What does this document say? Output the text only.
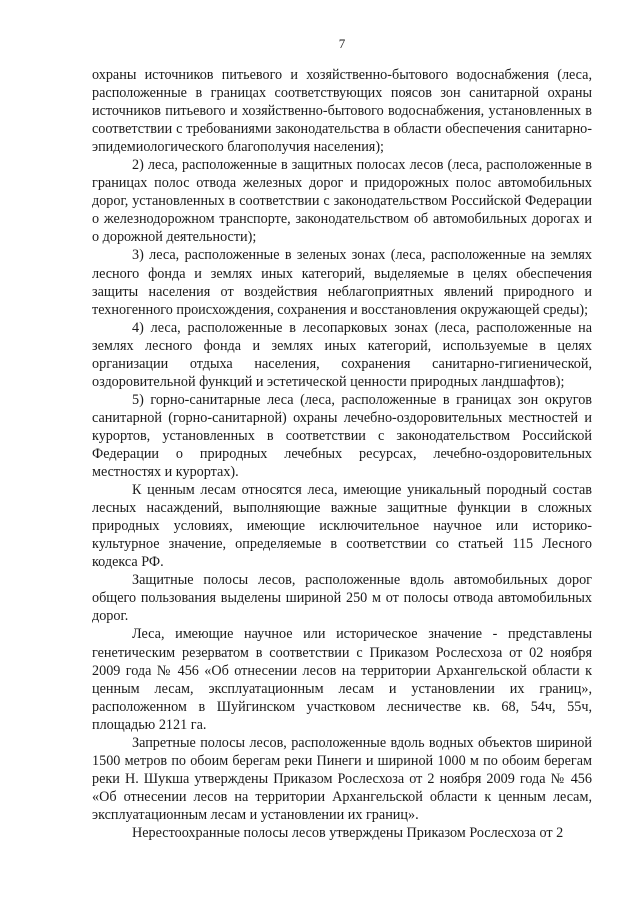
7

охраны источников питьевого и хозяйственно-бытового водоснабжения (леса, расположенные в границах соответствующих поясов зон санитарной охраны источников питьевого и хозяйственно-бытового водоснабжения, установленных в соответствии с требованиями законодательства в области обеспечения санитарно-эпидемиологического благополучия населения);

2) леса, расположенные в защитных полосах лесов (леса, расположенные в границах полос отвода железных дорог и придорожных полос автомобильных дорог, установленных в соответствии с законодательством Российской Федерации о железнодорожном транспорте, законодательством об автомобильных дорогах и о дорожной деятельности);

3) леса, расположенные в зеленых зонах (леса, расположенные на землях лесного фонда и землях иных категорий, выделяемые в целях обеспечения защиты населения от воздействия неблагоприятных явлений природного и техногенного происхождения, сохранения и восстановления окружающей среды);

4) леса, расположенные в лесопарковых зонах (леса, расположенные на землях лесного фонда и землях иных категорий, используемые в целях организации отдыха населения, сохранения санитарно-гигиенической, оздоровительной функций и эстетической ценности природных ландшафтов);

5) горно-санитарные леса (леса, расположенные в границах зон округов санитарной (горно-санитарной) охраны лечебно-оздоровительных местностей и курортов, установленных в соответствии с законодательством Российской Федерации о природных лечебных ресурсах, лечебно-оздоровительных местностях и курортах).

К ценным лесам относятся леса, имеющие уникальный породный состав лесных насаждений, выполняющие важные защитные функции в сложных природных условиях, имеющие исключительное научное или историко-культурное значение, определяемые в соответствии со статьей 115 Лесного кодекса РФ.

Защитные полосы лесов, расположенные вдоль автомобильных дорог общего пользования выделены шириной 250 м от полосы отвода автомобильных дорог.

Леса, имеющие научное или историческое значение - представлены генетическим резерватом в соответствии с Приказом Рослесхоза от 02 ноября 2009 года № 456 «Об отнесении лесов на территории Архангельской области к ценным лесам, эксплуатационным лесам и установлении их границ», расположенном в Шуйгинском участковом лесничестве кв. 68, 54ч, 55ч, площадью 2121 га.

Запретные полосы лесов, расположенные вдоль водных объектов шириной 1500 метров по обоим берегам реки Пинеги и шириной 1000 м по обоим берегам реки Н. Шукша утверждены Приказом Рослесхоза от 2 ноября 2009 года № 456 «Об отнесении лесов на территории Архангельской области к ценным лесам, эксплуатационным лесам и установлении их границ».

Нерестоохранные полосы лесов утверждены Приказом Рослесхоза от 2
